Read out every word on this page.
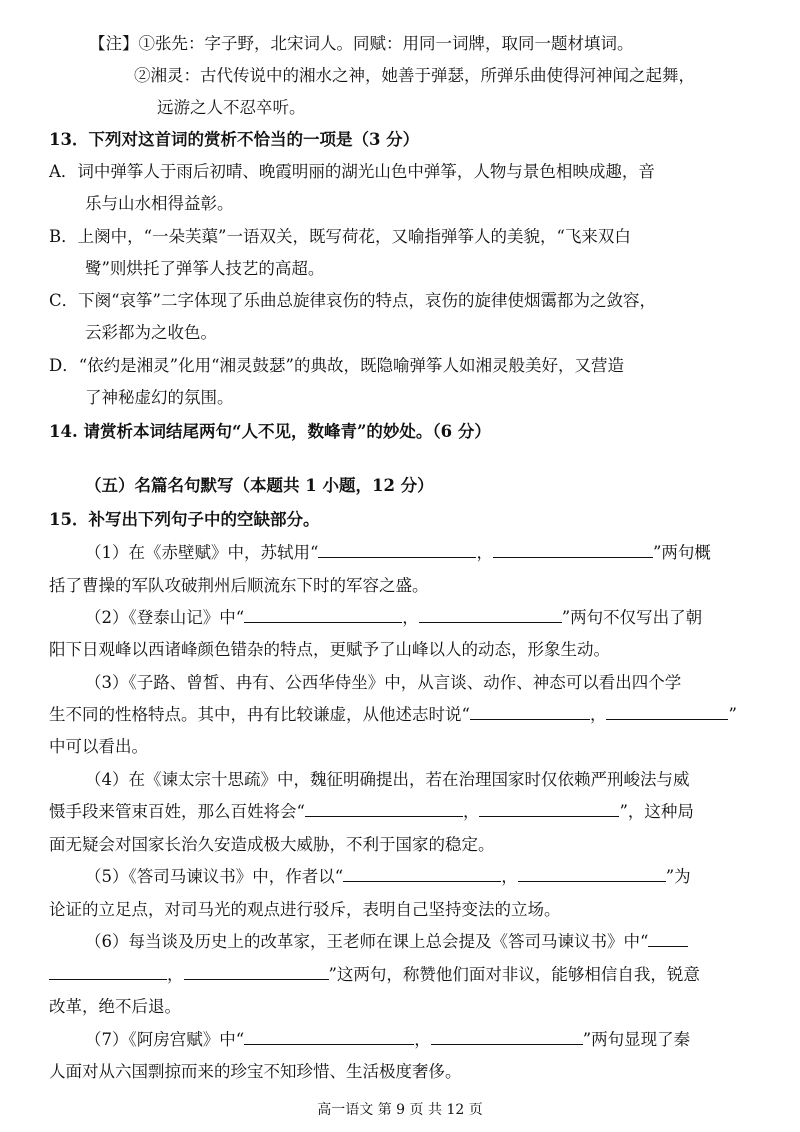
【注】①张先：字子野，北宋词人。同赋：用同一词牌，取同一题材填词。
②湘灵：古代传说中的湘水之神，她善于弹瑟，所弹乐曲使得河神闻之起舞，
远游之人不忍卒听。
13．下列对这首词的赏析不恰当的一项是（3 分）
A．词中弹筝人于雨后初晴、晚霞明丽的湖光山色中弹筝，人物与景色相映成趣，音
乐与山水相得益彰。
B．上阕中，“一朵芙蕖”一语双关，既写荷花，又喻指弹筝人的美貌，“飞来双白
鹭”则烘托了弹筝人技艺的高超。
C．下阕“哀筝”二字体现了乐曲总旋律哀伤的特点，哀伤的旋律使烟霭都为之敛容，
云彩都为之收色。
D．“依约是湘灵”化用“湘灵鼓瑟”的典故，既隐喻弹筝人如湘灵般美好，又营造
了神秘虚幻的氛围。
14. 请赏析本词结尾两句“人不见，数峰青”的妙处。（6 分）
（五）名篇名句默写（本题共 1 小题，12 分）
15．补写出下列句子中的空缺部分。
（1）在《赤壁赋》中，苏轼用“	，	”两句概
括了曹操的军队攻破荆州后顺流东下时的军容之盛。
（2）《登泰山记》中“	，	”两句不仅写出了朝
阳下日观峰以西诸峰颜色错杂的特点，更赋予了山峰以人的动态，形象生动。
（3）《子路、曾皙、冉有、公西华侍坐》中，从言谈、动作、神态可以看出四个学
生不同的性格特点。其中，冉有比较谦虚，从他述志时说“	，	”
中可以看出。
（4）在《谏太宗十思疏》中，魏征明确提出，若在治理国家时仅依赖严刑峻法与威
慑手段来管束百姓，那么百姓将会“	，	”，这种局
面无疑会对国家长治久安造成极大威胁，不利于国家的稳定。
（5）《答司马谏议书》中，作者以“	，	”为
论证的立足点，对司马光的观点进行驳斥，表明自己坚持变法的立场。
（6）每当谈及历史上的改革家，王老师在课上总会提及《答司马谏议书》中“
，	”这两句，称赞他们面对非议，能够相信自我，锐意
改革，绝不后退。
（7）《阿房宫赋》中“	，	”两句显现了秦
人面对从六国剽掠而来的珍宝不知珍惜、生活极度奢侈。
高一语文 第 9 页 共 12 页
